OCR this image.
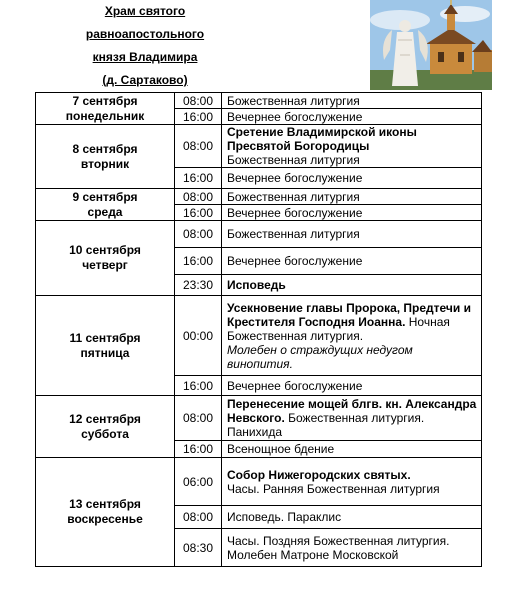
Храм святого
равноапостольного
князя Владимира
(д. Сартаково)
7 сентября
понедельник	08:00	Божественная литургия
	16:00	Вечернее богослужение

8 сентября
вторник	08:00	Сретение Владимирской иконы Пресвятой Богородицы
Божественная литургия
	16:00	Вечернее богослужение

9 сентября
среда	08:00	Божественная литургия
	16:00	Вечернее богослужение

10 сентября
четверг	08:00	Божественная литургия
	16:00	Вечернее богослужение
	23:30	Исповедь

11 сентября
пятница	00:00	Усекновение главы Пророка, Предтечи и Крестителя Господня Иоанна. Ночная Божественная литургия.
Молебен о страждущих недугом винопития.

	16:00	Вечернее богослужение

12 сентября
суббота	08:00	Перенесение мощей блгв. кн. Александра Невского. Божественная литургия. Панихида
	16:00	Всенощное бдение

13 сентября
воскресенье	06:00	Собор Нижегородских святых.
Часы. Ранняя Божественная литургия
	08:00	Исповедь. Параклис
	08:30	Часы. Поздняя Божественная литургия. Молебен Матроне Московской
